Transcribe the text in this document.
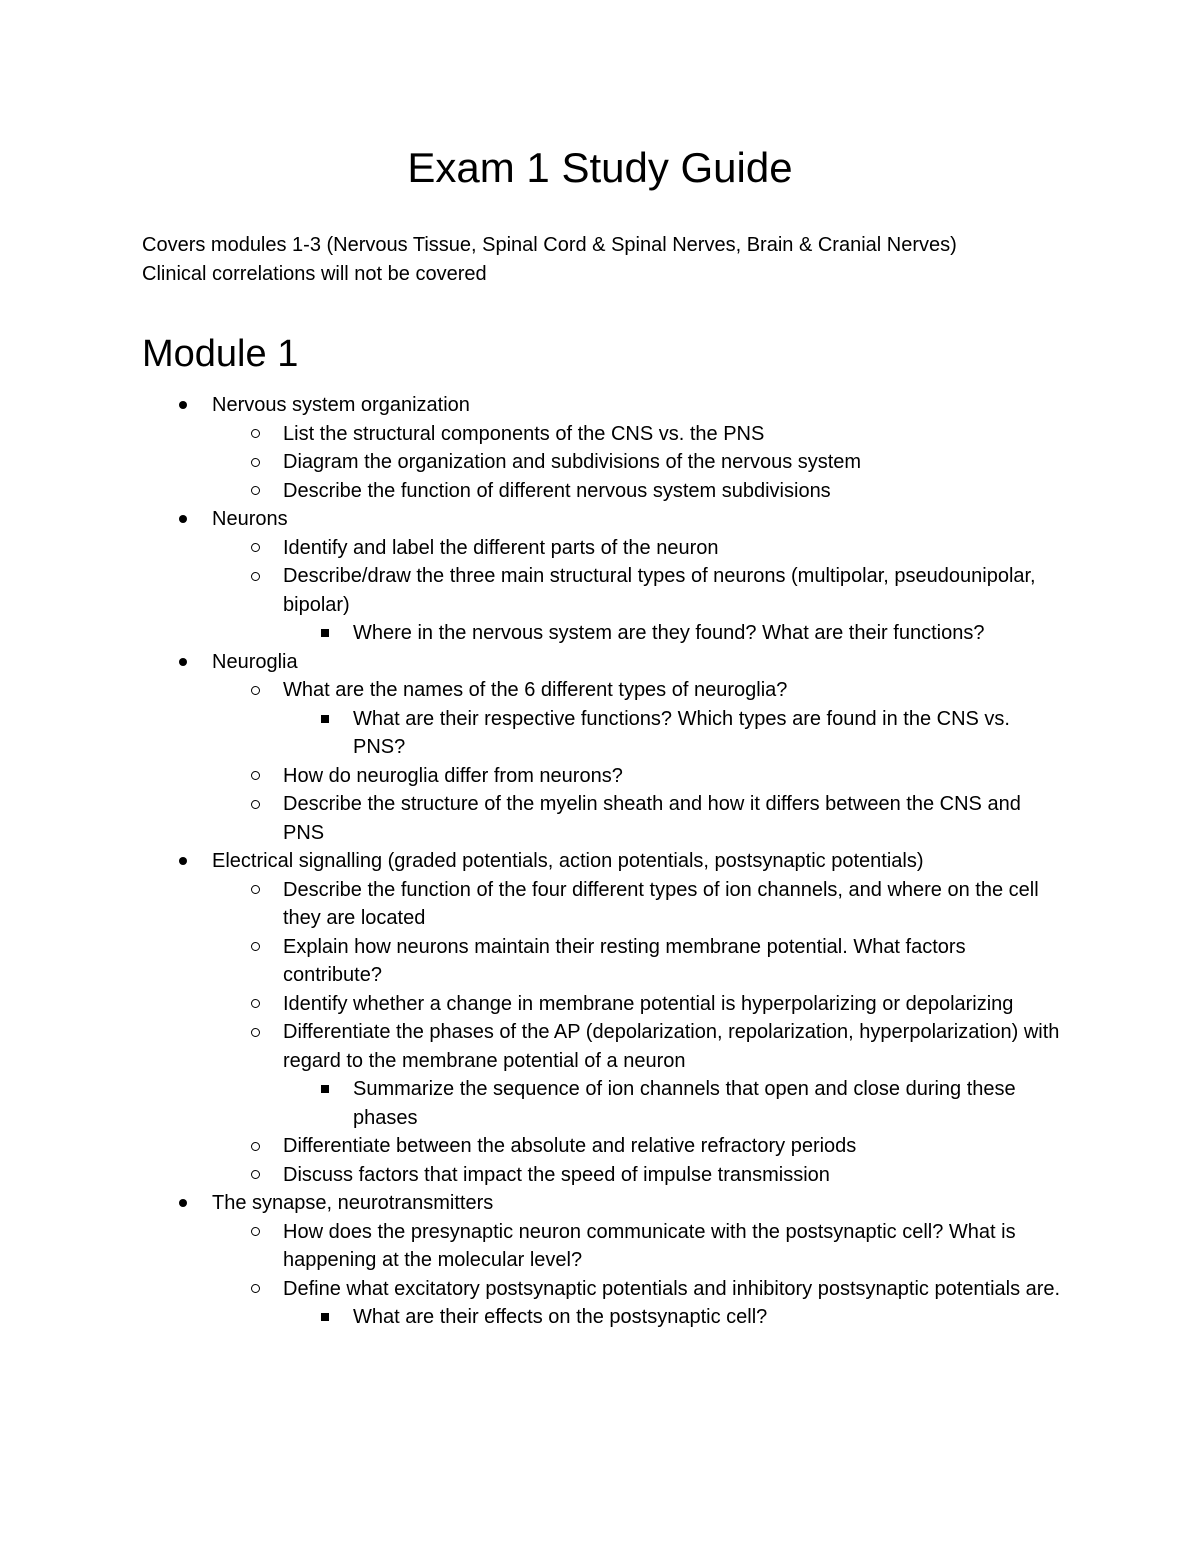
Exam 1 Study Guide

Covers modules 1-3 (Nervous Tissue, Spinal Cord & Spinal Nerves, Brain & Cranial Nerves)

Clinical correlations will not be covered

Module 1
Nervous system organization
List the structural components of the CNS vs. the PNS
Diagram the organization and subdivisions of the nervous system
Describe the function of different nervous system subdivisions
Neurons
Identify and label the different parts of the neuron
Describe/draw the three main structural types of neurons (multipolar, pseudounipolar, bipolar)
Where in the nervous system are they found? What are their functions?
Neuroglia
What are the names of the 6 different types of neuroglia?
What are their respective functions? Which types are found in the CNS vs. PNS?
How do neuroglia differ from neurons?
Describe the structure of the myelin sheath and how it differs between the CNS and PNS
Electrical signalling (graded potentials, action potentials, postsynaptic potentials)
Describe the function of the four different types of ion channels, and where on the cell they are located
Explain how neurons maintain their resting membrane potential. What factors contribute?
Identify whether a change in membrane potential is hyperpolarizing or depolarizing
Differentiate the phases of the AP (depolarization, repolarization, hyperpolarization) with regard to the membrane potential of a neuron
Summarize the sequence of ion channels that open and close during these phases
Differentiate between the absolute and relative refractory periods
Discuss factors that impact the speed of impulse transmission
The synapse, neurotransmitters
How does the presynaptic neuron communicate with the postsynaptic cell? What is happening at the molecular level?
Define what excitatory postsynaptic potentials and inhibitory postsynaptic potentials are.
What are their effects on the postsynaptic cell?
